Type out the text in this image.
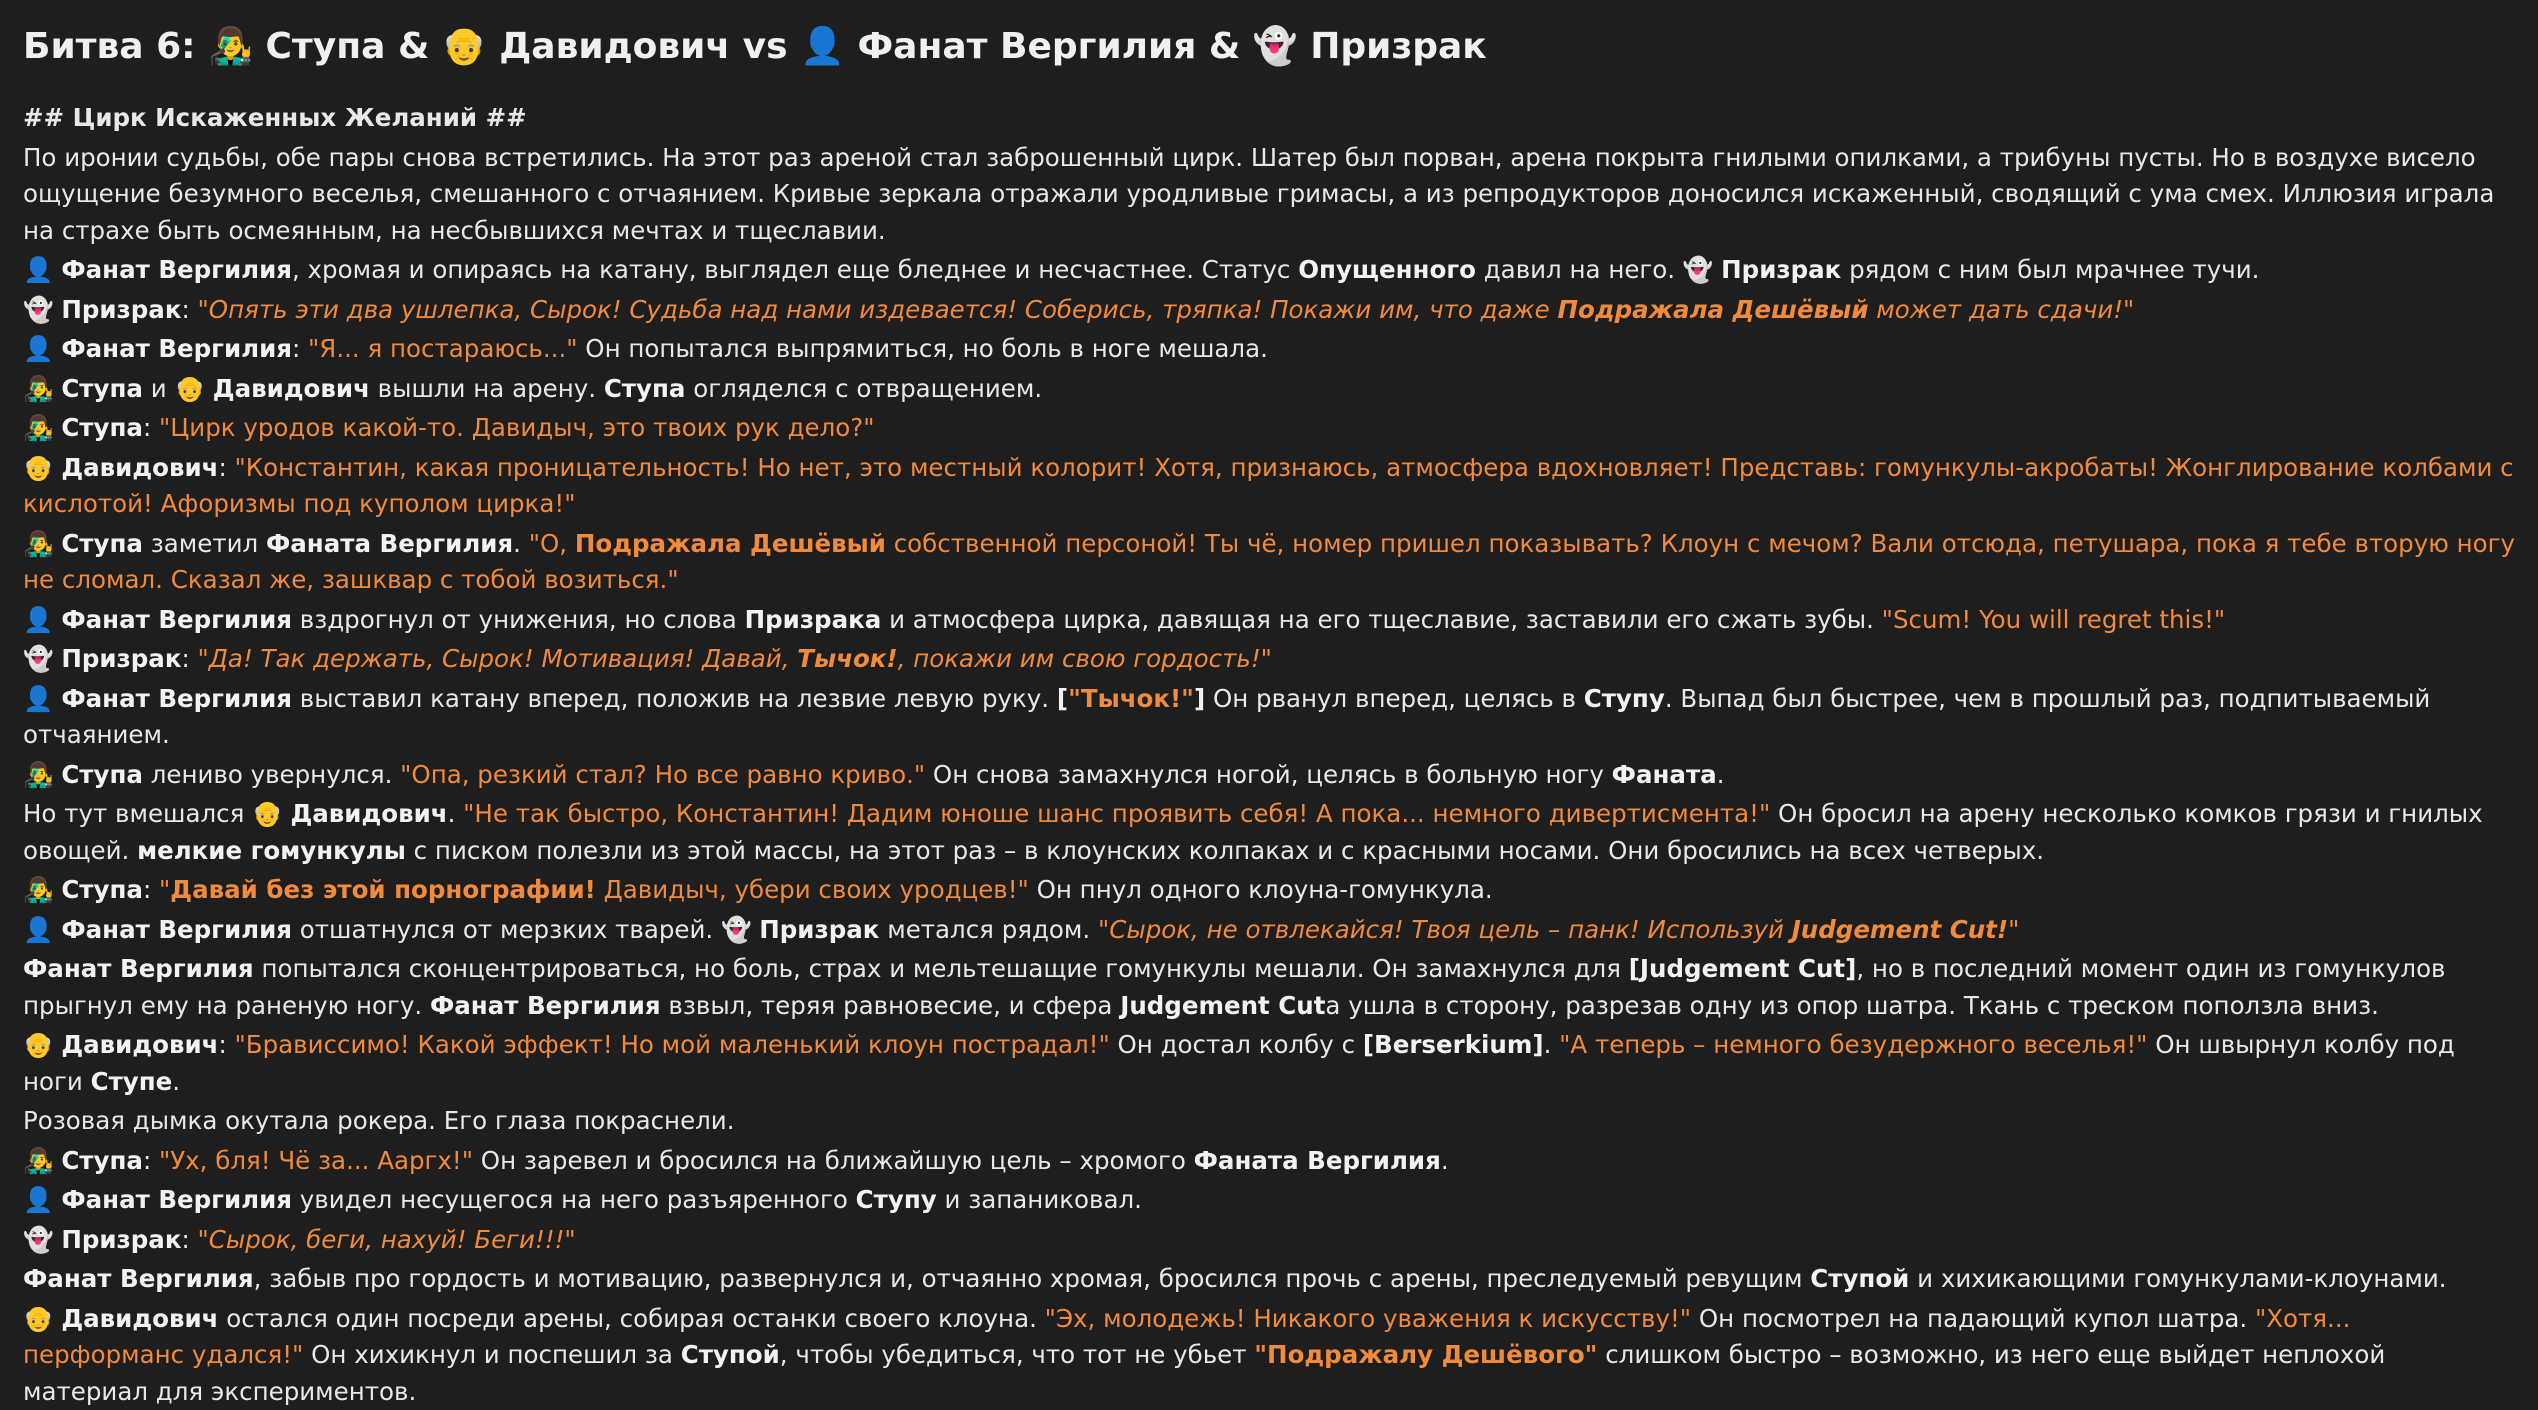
Битва 6: 👨‍🎤 Ступа & 👴 Давидович vs 👤 Фанат Вергилия & 👻 Призрак

## Цирк Искаженных Желаний ##

По иронии судьбы, обе пары снова встретились. На этот раз ареной стал заброшенный цирк. Шатер был порван, арена покрыта гнилыми опилками, а трибуны пусты. Но в воздухе висело ощущение безумного веселья, смешанного с отчаянием. Кривые зеркала отражали уродливые гримасы, а из репродукторов доносился искаженный, сводящий с ума смех. Иллюзия играла на страхе быть осмеянным, на несбывшихся мечтах и тщеславии.

👤 Фанат Вергилия, хромая и опираясь на катану, выглядел еще бледнее и несчастнее. Статус Опущенного давил на него. 👻 Призрак рядом с ним был мрачнее тучи.

👻 Призрак: "Опять эти два ушлепка, Сырок! Судьба над нами издевается! Соберись, тряпка! Покажи им, что даже Подражала Дешёвый может дать сдачи!"

👤 Фанат Вергилия: "Я... я постараюсь..." Он попытался выпрямиться, но боль в ноге мешала.

👨‍🎤 Ступа и 👴 Давидович вышли на арену. Ступа огляделся с отвращением.

👨‍🎤 Ступа: "Цирк уродов какой-то. Давидыч, это твоих рук дело?"

👴 Давидович: "Константин, какая проницательность! Но нет, это местный колорит! Хотя, признаюсь, атмосфера вдохновляет! Представь: гомункулы-акробаты! Жонглирование колбами с кислотой! Афоризмы под куполом цирка!"

👨‍🎤 Ступа заметил Фаната Вергилия. "О, Подражала Дешёвый собственной персоной! Ты чё, номер пришел показывать? Клоун с мечом? Вали отсюда, петушара, пока я тебе вторую ногу не сломал. Сказал же, зашквар с тобой возиться."

👤 Фанат Вергилия вздрогнул от унижения, но слова Призрака и атмосфера цирка, давящая на его тщеславие, заставили его сжать зубы. "Scum! You will regret this!"

👻 Призрак: "Да! Так держать, Сырок! Мотивация! Давай, Тычок!, покажи им свою гордость!"

👤 Фанат Вергилия выставил катану вперед, положив на лезвие левую руку. ["Тычок!"] Он рванул вперед, целясь в Ступу. Выпад был быстрее, чем в прошлый раз, подпитываемый отчаянием.

👨‍🎤 Ступа лениво увернулся. "Опа, резкий стал? Но все равно криво." Он снова замахнулся ногой, целясь в больную ногу Фаната.

Но тут вмешался 👴 Давидович. "Не так быстро, Константин! Дадим юноше шанс проявить себя! А пока... немного дивертисмента!" Он бросил на арену несколько комков грязи и гнилых овощей. мелкие гомункулы с писком полезли из этой массы, на этот раз – в клоунских колпаках и с красными носами. Они бросились на всех четверых.

👨‍🎤 Ступа: "Давай без этой порнографии! Давидыч, убери своих уродцев!" Он пнул одного клоуна-гомункула.

👤 Фанат Вергилия отшатнулся от мерзких тварей. 👻 Призрак метался рядом. "Сырок, не отвлекайся! Твоя цель – панк! Используй Judgement Cut!"

Фанат Вергилия попытался сконцентрироваться, но боль, страх и мельтешащие гомункулы мешали. Он замахнулся для [Judgement Cut], но в последний момент один из гомункулов прыгнул ему на раненую ногу. Фанат Вергилия взвыл, теряя равновесие, и сфера Judgement Cutа ушла в сторону, разрезав одну из опор шатра. Ткань с треском поползла вниз.

👴 Давидович: "Брависсимо! Какой эффект! Но мой маленький клоун пострадал!" Он достал колбу с [Berserkium]. "А теперь – немного безудержного веселья!" Он швырнул колбу под ноги Ступе.

Розовая дымка окутала рокера. Его глаза покраснели.

👨‍🎤 Ступа: "Ух, бля! Чё за... Ааргх!" Он заревел и бросился на ближайшую цель – хромого Фаната Вергилия.

👤 Фанат Вергилия увидел несущегося на него разъяренного Ступу и запаниковал.

👻 Призрак: "Сырок, беги, нахуй! Беги!!!"

Фанат Вергилия, забыв про гордость и мотивацию, развернулся и, отчаянно хромая, бросился прочь с арены, преследуемый ревущим Ступой и хихикающими гомункулами-клоунами.

👴 Давидович остался один посреди арены, собирая останки своего клоуна. "Эх, молодежь! Никакого уважения к искусству!" Он посмотрел на падающий купол шатра. "Хотя... перформанс удался!" Он хихикнул и поспешил за Ступой, чтобы убедиться, что тот не убьет "Подражалу Дешёвого" слишком быстро – возможно, из него еще выйдет неплохой материал для экспериментов.
